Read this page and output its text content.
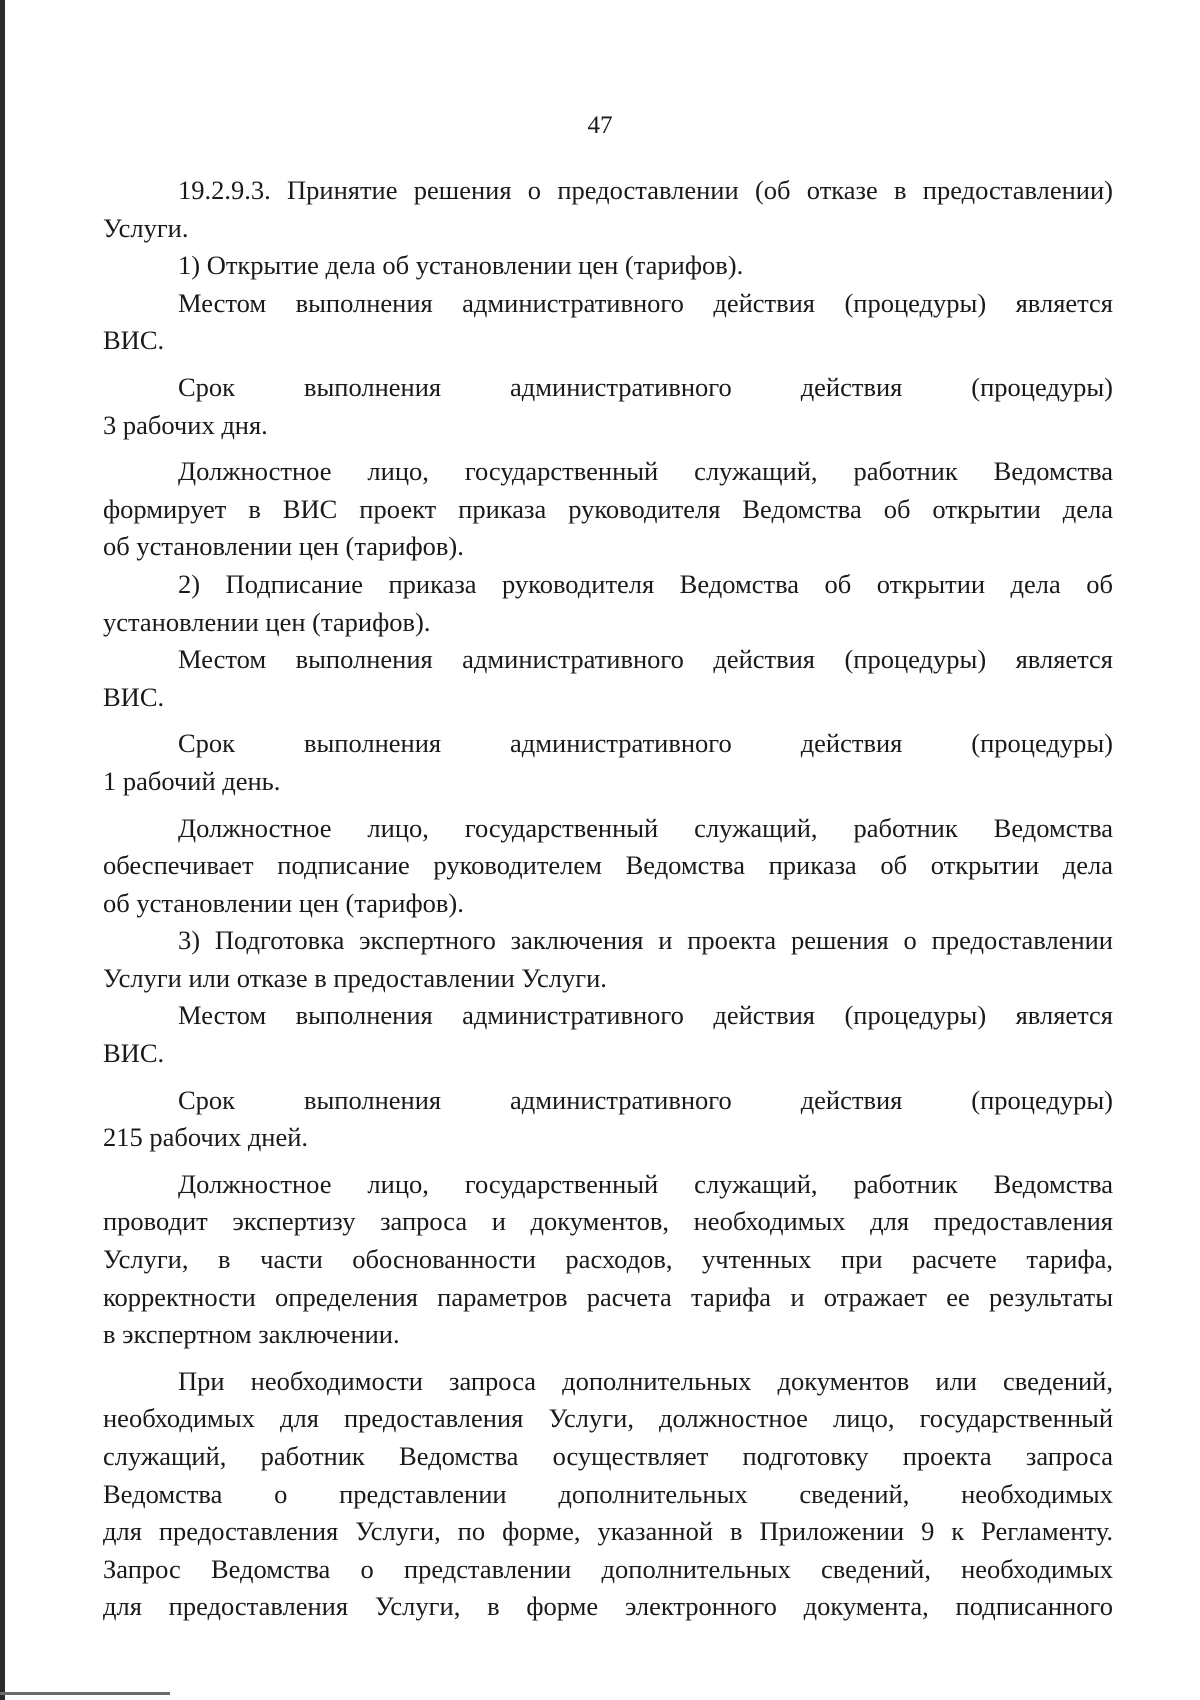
47
19.2.9.3. Принятие решения о предоставлении (об отказе в предоставлении)
Услуги.
1) Открытие дела об установлении цен (тарифов).
Местом выполнения административного действия (процедуры) является
ВИС.
Срок выполнения административного действия (процедуры)
3 рабочих дня.
Должностное лицо, государственный служащий, работник Ведомства
формирует в ВИС проект приказа руководителя Ведомства об открытии дела
об установлении цен (тарифов).
2) Подписание приказа руководителя Ведомства об открытии дела об
установлении цен (тарифов).
Местом выполнения административного действия (процедуры) является
ВИС.
Срок выполнения административного действия (процедуры)
1 рабочий день.
Должностное лицо, государственный служащий, работник Ведомства
обеспечивает подписание руководителем Ведомства приказа об открытии дела
об установлении цен (тарифов).
3) Подготовка экспертного заключения и проекта решения о предоставлении
Услуги или отказе в предоставлении Услуги.
Местом выполнения административного действия (процедуры) является
ВИС.
Срок выполнения административного действия (процедуры)
215 рабочих дней.
Должностное лицо, государственный служащий, работник Ведомства
проводит экспертизу запроса и документов, необходимых для предоставления
Услуги, в части обоснованности расходов, учтенных при расчете тарифа,
корректности определения параметров расчета тарифа и отражает ее результаты
в экспертном заключении.
При необходимости запроса дополнительных документов или сведений,
необходимых для предоставления Услуги, должностное лицо, государственный
служащий, работник Ведомства осуществляет подготовку проекта запроса
Ведомства о представлении дополнительных сведений, необходимых
для предоставления Услуги, по форме, указанной в Приложении 9 к Регламенту.
Запрос Ведомства о представлении дополнительных сведений, необходимых
для предоставления Услуги, в форме электронного документа, подписанного
